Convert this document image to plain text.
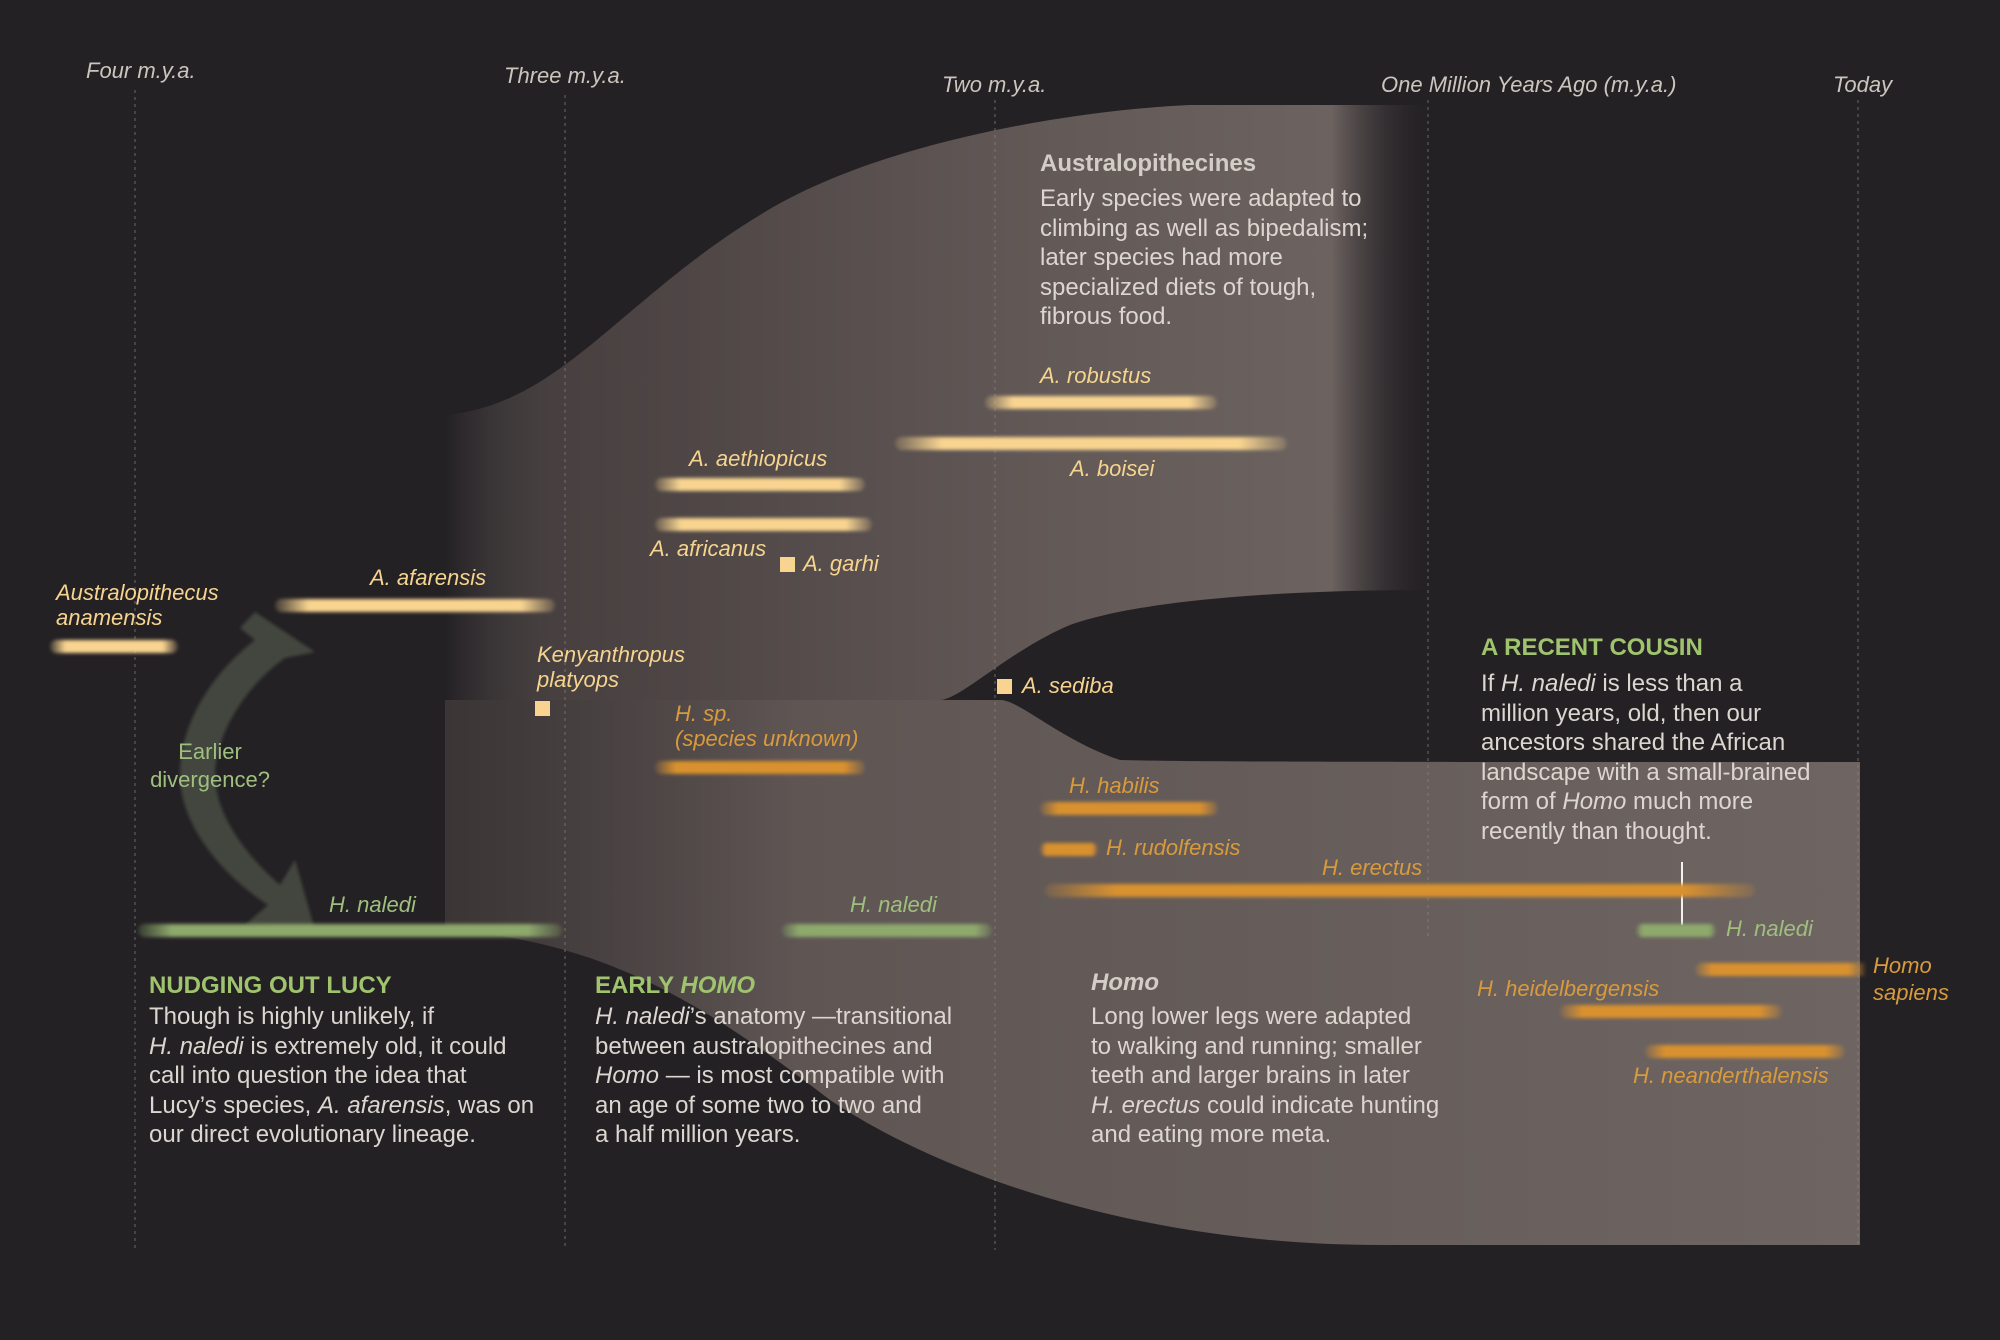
Four m.y.a.	Three m.y.a.	Two m.y.a.	One Million Years Ago (m.y.a.)	Today
Australopithecines
Early species were adapted to
climbing as well as bipedalism;
later species had more
specialized diets of tough,
fibrous food.
A. robustus
A. boisei
A. aethiopicus
A. africanus
A. garhi
Australopithecus
anamensis
A. afarensis
Kenyanthropus
platyops	A. sediba
H. sp.
(species unknown)
H. habilis
H. rudolfensis
H. erectus
H. naledi
Homo
sapiens
H. heidelbergensis
H. neanderthalensis
H. naledi	H. naledi
Earlier
divergence?
A RECENT COUSIN
If H. naledi is less than a
million years, old, then our
ancestors shared the African
landscape with a small-brained
form of Homo much more
recently than thought.
NUDGING OUT LUCY
Though is highly unlikely, if
H. naledi is extremely old, it could
call into question the idea that
Lucy’s species, A. afarensis, was on
our direct evolutionary lineage.
EARLY HOMO
H. naledi’s anatomy —transitional
between australopithecines and
Homo — is most compatible with
an age of some two to two and
a half million years.
Homo
Long lower legs were adapted
to walking and running; smaller
teeth and larger brains in later
H. erectus could indicate hunting
and eating more meta.
